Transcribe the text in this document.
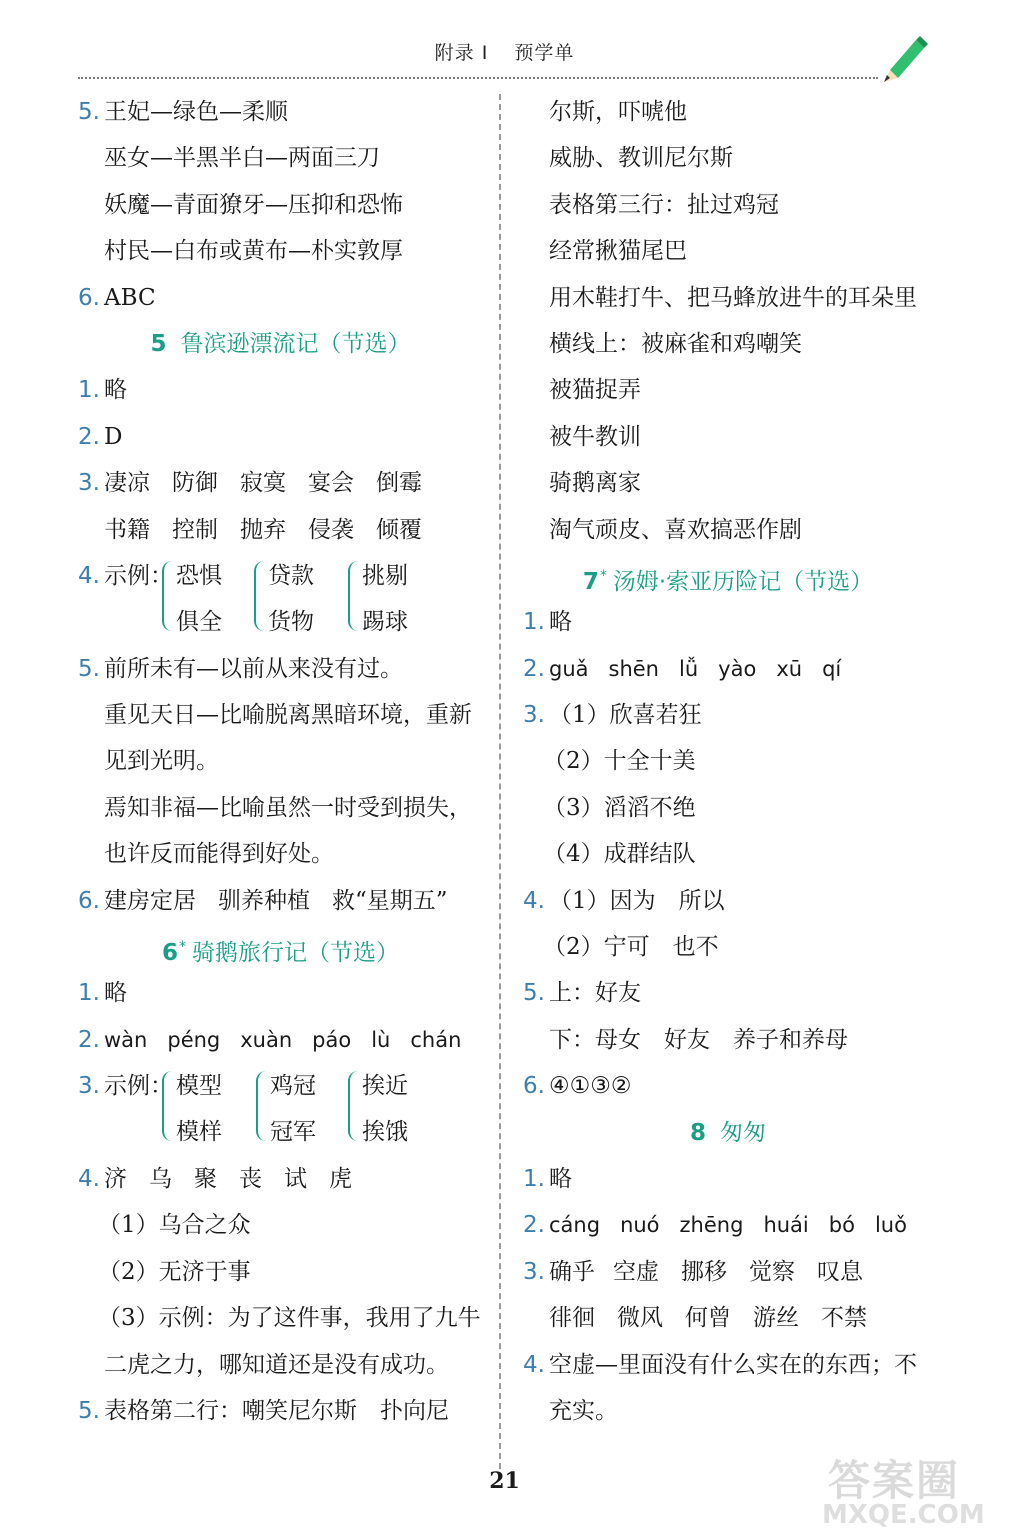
附录 I 预学单
5. 王妃—绿色—柔顺
巫女—半黑半白—两面三刀
妖魔—青面獠牙—压抑和恐怖
村民—白布或黄布—朴实敦厚
6. ABC
5 鲁滨逊漂流记（节选）
1. 略
2. D
3. 凄凉 防御 寂寞 宴会 倒霉
书籍 控制 抛弃 侵袭 倾覆
4. 示例： 恐惧
俱全
贷款
货物
挑剔
踢球
5. 前所未有—以前从来没有过。
重见天日—比喻脱离黑暗环境，重新
见到光明。
焉知非福—比喻虽然一时受到损失，
也许反而能得到好处。
6. 建房定居 驯养种植 救“星期五”
6* 骑鹅旅行记（节选）
1. 略
2. wàn péng xuàn páo lù chán
3. 示例： 模型
模样
鸡冠
冠军
挨近
挨饿
4. 济 乌 聚 丧 试 虎
（1）乌合之众
（2）无济于事
（3）示例：为了这件事，我用了九牛
二虎之力，哪知道还是没有成功。
5. 表格第二行：嘲笑尼尔斯　扑向尼
尔斯，吓唬他
威胁、教训尼尔斯
表格第三行：扯过鸡冠
经常揪猫尾巴
用木鞋打牛、把马蜂放进牛的耳朵里
横线上：被麻雀和鸡嘲笑
被猫捉弄
被牛教训
骑鹅离家
淘气顽皮、喜欢搞恶作剧
7* 汤姆·索亚历险记（节选）
1. 略
2. guǎ shēn lǚ yào xū qí
3. （1）欣喜若狂
（2）十全十美
（3）滔滔不绝
（4）成群结队
4. （1）因为　所以
（2）宁可　也不
5. 上：好友
下：母女　好友　养子和养母
6. ④①③②
8 匆匆
1. 略
2. cáng nuó zhēng huái bó luǒ
3. 确乎 空虚 挪移 觉察 叹息
徘徊 微风 何曾 游丝 不禁
4. 空虚—里面没有什么实在的东西；不
充实。
21	答案圈
MXQE.COM
